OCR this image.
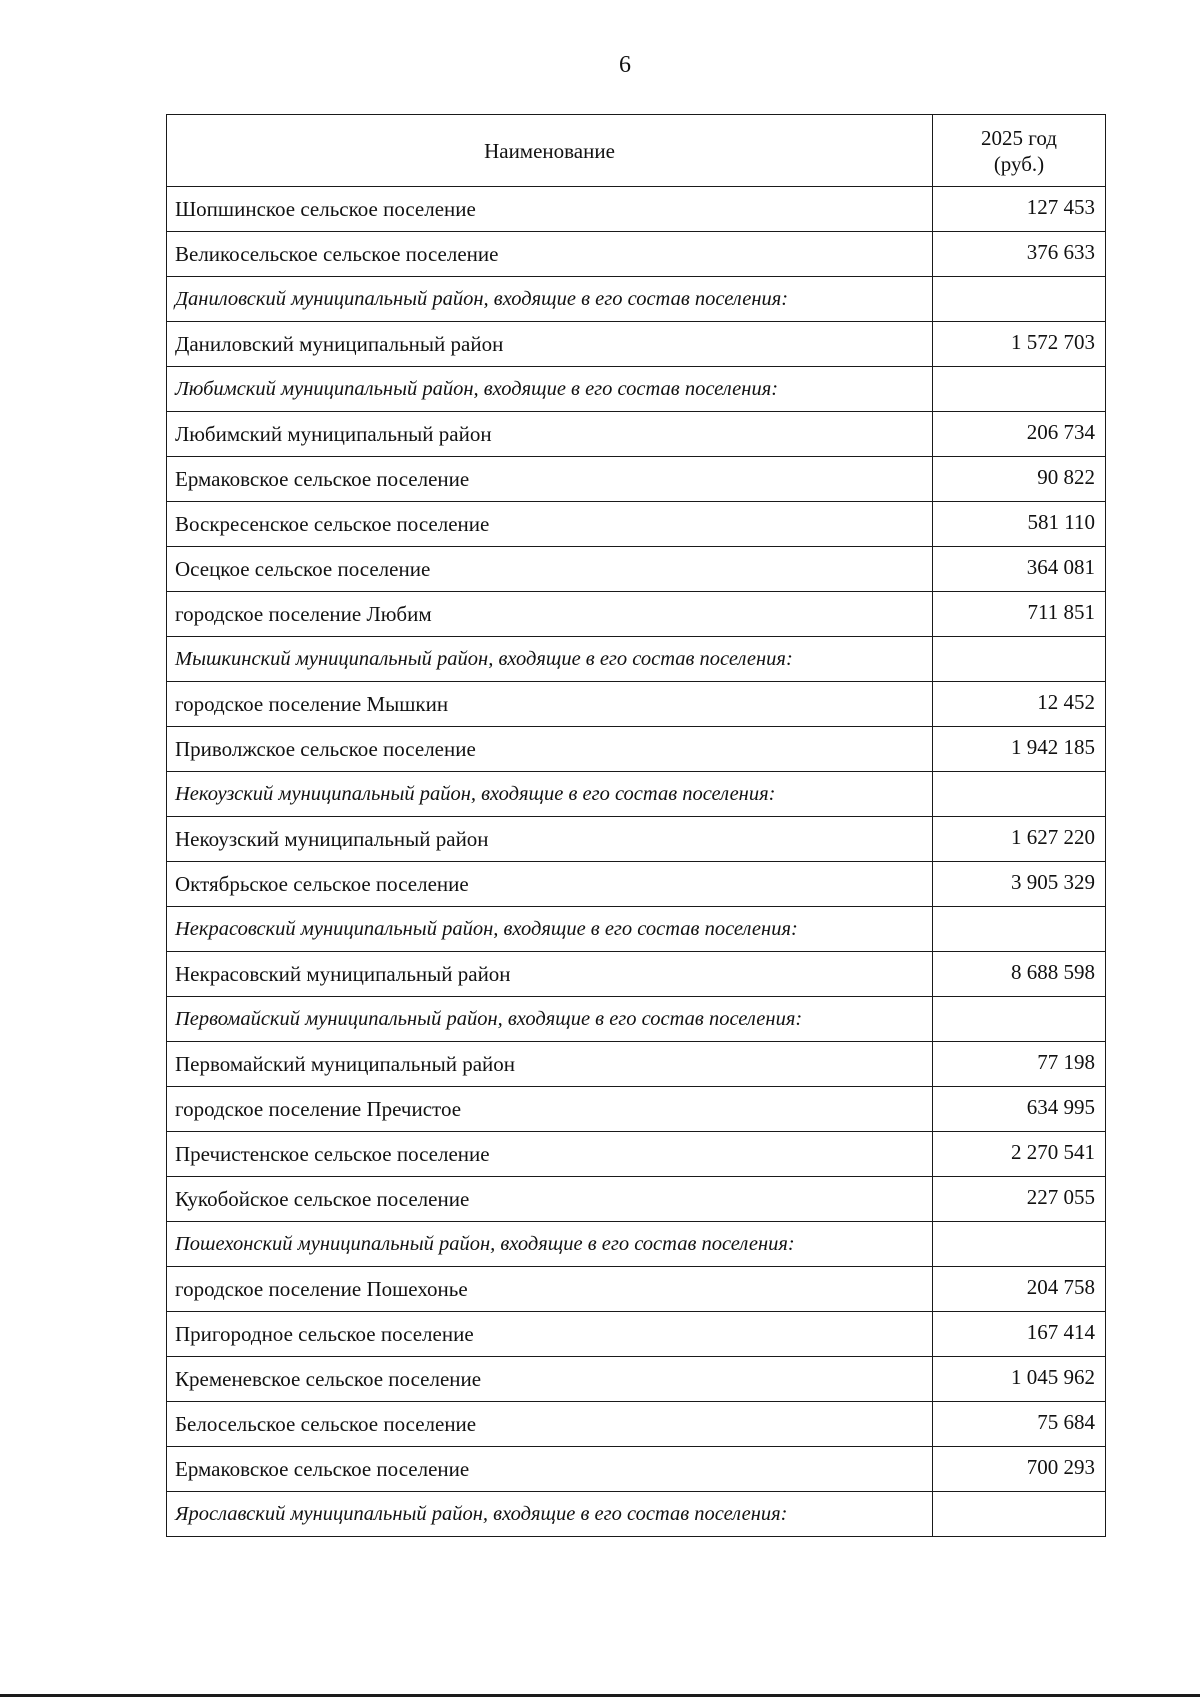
6
Наименование	2025 год
(руб.)
Шопшинское сельское поселение	127 453
Великосельское сельское поселение	376 633
Даниловский муниципальный район, входящие в его состав поселения:	
Даниловский муниципальный район	1 572 703
Любимский муниципальный район, входящие в его состав поселения:	
Любимский муниципальный район	206 734
Ермаковское сельское поселение	90 822
Воскресенское сельское поселение	581 110
Осецкое сельское поселение	364 081
городское поселение Любим	711 851
Мышкинский муниципальный район, входящие в его состав поселения:	
городское поселение Мышкин	12 452
Приволжское сельское поселение	1 942 185
Некоузский муниципальный район, входящие в его состав поселения:	
Некоузский муниципальный район	1 627 220
Октябрьское сельское поселение	3 905 329
Некрасовский муниципальный район, входящие в его состав поселения:	
Некрасовский муниципальный район	8 688 598
Первомайский муниципальный район, входящие в его состав поселения:	
Первомайский муниципальный район	77 198
городское поселение Пречистое	634 995
Пречистенское сельское поселение	2 270 541
Кукобойское сельское поселение	227 055
Пошехонский муниципальный район, входящие в его состав поселения:	
городское поселение Пошехонье	204 758
Пригородное сельское поселение	167 414
Кременевское сельское поселение	1 045 962
Белосельское сельское поселение	75 684
Ермаковское сельское поселение	700 293
Ярославский муниципальный район, входящие в его состав поселения:	
